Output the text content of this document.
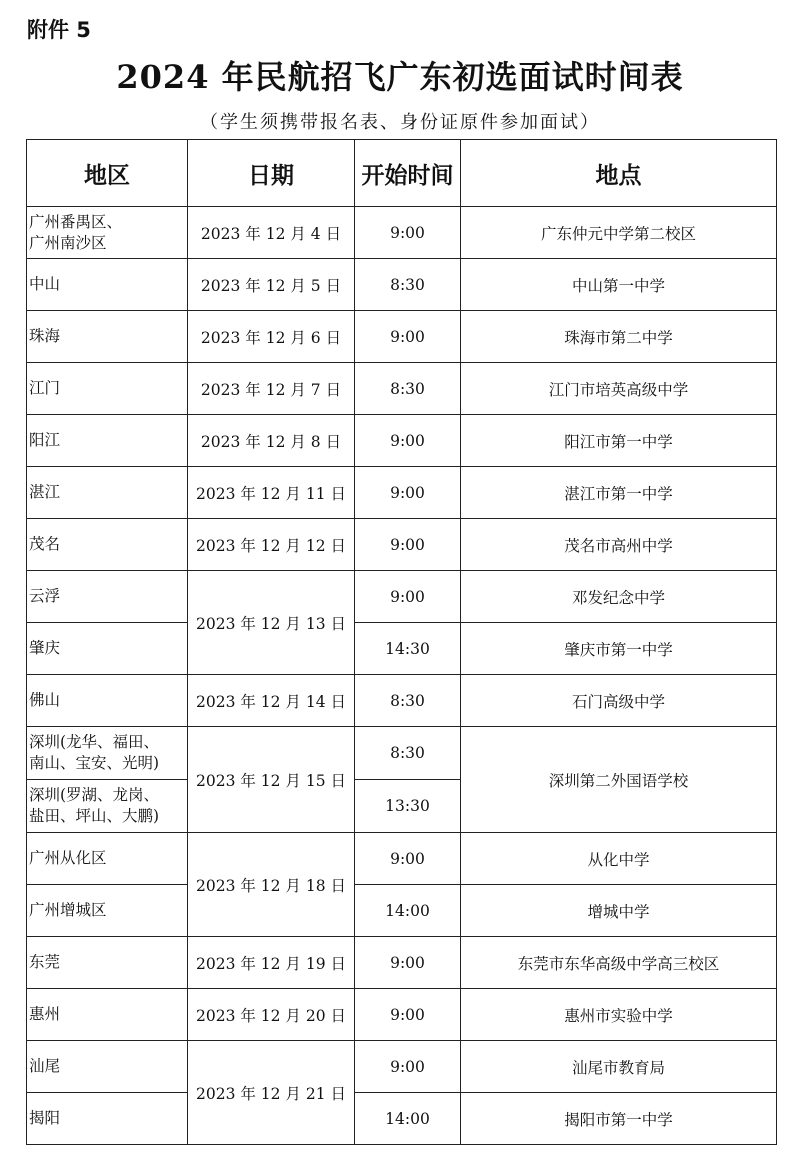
附件 5
2024 年民航招飞广东初选面试时间表
（学生须携带报名表、身份证原件参加面试）
地区	日期	开始时间	地点

广州番禺区、
广州南沙区	2023 年 12 月 4 日	9:00	广东仲元中学第二校区

中山	2023 年 12 月 5 日	8:30	中山第一中学

珠海	2023 年 12 月 6 日	9:00	珠海市第二中学

江门	2023 年 12 月 7 日	8:30	江门市培英高级中学

阳江	2023 年 12 月 8 日	9:00	阳江市第一中学

湛江	2023 年 12 月 11 日	9:00	湛江市第一中学

茂名	2023 年 12 月 12 日	9:00	茂名市高州中学

云浮	2023 年 12 月 13 日	9:00	邓发纪念中学

肇庆		14:30	肇庆市第一中学

佛山	2023 年 12 月 14 日	8:30	石门高级中学

深圳(龙华、福田、
南山、宝安、光明)	2023 年 12 月 15 日	8:30	深圳第二外国语学校

深圳(罗湖、龙岗、
盐田、坪山、大鹏)		13:30	

广州从化区	2023 年 12 月 18 日	9:00	从化中学

广州增城区		14:00	增城中学

东莞	2023 年 12 月 19 日	9:00	东莞市东华高级中学高三校区

惠州	2023 年 12 月 20 日	9:00	惠州市实验中学

汕尾	2023 年 12 月 21 日	9:00	汕尾市教育局

揭阳		14:00	揭阳市第一中学
